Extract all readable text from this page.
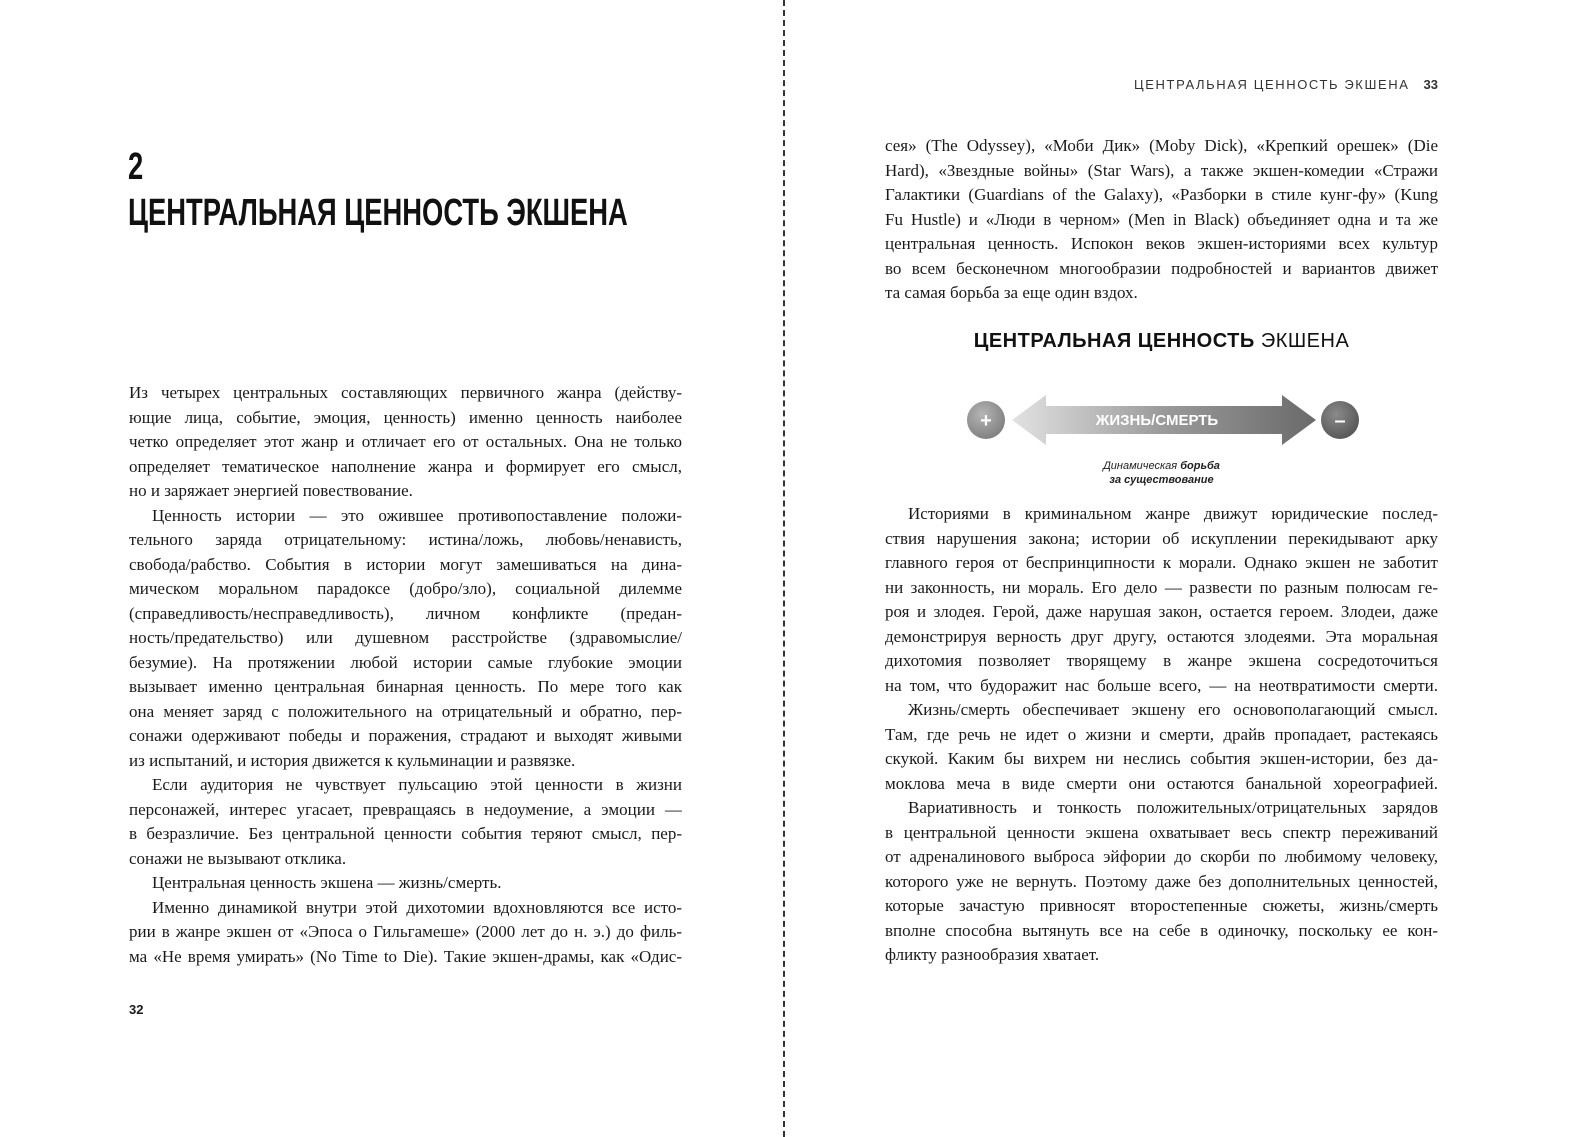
2
ЦЕНТРАЛЬНАЯ ЦЕННОСТЬ ЭКШЕНА
Из четырех центральных составляющих первичного жанра (действу-
ющие лица, событие, эмоция, ценность) именно ценность наиболее
четко определяет этот жанр и отличает его от остальных. Она не только
определяет тематическое наполнение жанра и формирует его смысл,
но и заряжает энергией повествование.
Ценность истории — это ожившее противопоставление положи-
тельного заряда отрицательному: истина/ложь, любовь/ненависть,
свобода/рабство. События в истории могут замешиваться на дина-
мическом моральном парадоксе (добро/зло), социальной дилемме
(справедливость/несправедливость), личном конфликте (предан-
ность/предательство) или душевном расстройстве (здравомыслие/
безумие). На протяжении любой истории самые глубокие эмоции
вызывает именно центральная бинарная ценность. По мере того как
она меняет заряд с положительного на отрицательный и обратно, пер-
сонажи одерживают победы и поражения, страдают и выходят живыми
из испытаний, и история движется к кульминации и развязке.
Если аудитория не чувствует пульсацию этой ценности в жизни
персонажей, интерес угасает, превращаясь в недоумение, а эмоции —
в безразличие. Без центральной ценности события теряют смысл, пер-
сонажи не вызывают отклика.
Центральная ценность экшена — жизнь/смерть.
Именно динамикой внутри этой дихотомии вдохновляются все исто-
рии в жанре экшен от «Эпоса о Гильгамеше» (2000 лет до н. э.) до филь-
ма «Не время умирать» (No Time to Die). Такие экшен-драмы, как «Одис-
32
ЦЕНТРАЛЬНАЯ ЦЕННОСТЬ ЭКШЕНА 33
сея» (The Odyssey), «Моби Дик» (Moby Dick), «Крепкий орешек» (Die
Hard), «Звездные войны» (Star Wars), а также экшен-комедии «Стражи
Галактики (Guardians of the Galaxy), «Разборки в стиле кунг-фу» (Kung
Fu Hustle) и «Люди в черном» (Men in Black) объединяет одна и та же
центральная ценность. Испокон веков экшен-историями всех культур
во всем бесконечном многообразии подробностей и вариантов движет
та самая борьба за еще один вздох.
ЦЕНТРАЛЬНАЯ ЦЕННОСТЬ ЭКШЕНА
+	ЖИЗНЬ/СМЕРТЬ	–
Динамическая борьба
за существование
Историями в криминальном жанре движут юридические послед-
ствия нарушения закона; истории об искуплении перекидывают арку
главного героя от беспринципности к морали. Однако экшен не заботит
ни законность, ни мораль. Его дело — развести по разным полюсам ге-
роя и злодея. Герой, даже нарушая закон, остается героем. Злодеи, даже
демонстрируя верность друг другу, остаются злодеями. Эта моральная
дихотомия позволяет творящему в жанре экшена сосредоточиться
на том, что будоражит нас больше всего, — на неотвратимости смерти.
Жизнь/смерть обеспечивает экшену его основополагающий смысл.
Там, где речь не идет о жизни и смерти, драйв пропадает, растекаясь
скукой. Каким бы вихрем ни неслись события экшен-истории, без да-
моклова меча в виде смерти они остаются банальной хореографией.
Вариативность и тонкость положительных/отрицательных зарядов
в центральной ценности экшена охватывает весь спектр переживаний
от адреналинового выброса эйфории до скорби по любимому человеку,
которого уже не вернуть. Поэтому даже без дополнительных ценностей,
которые зачастую привносят второстепенные сюжеты, жизнь/смерть
вполне способна вытянуть все на себе в одиночку, поскольку ее кон-
фликту разнообразия хватает.
